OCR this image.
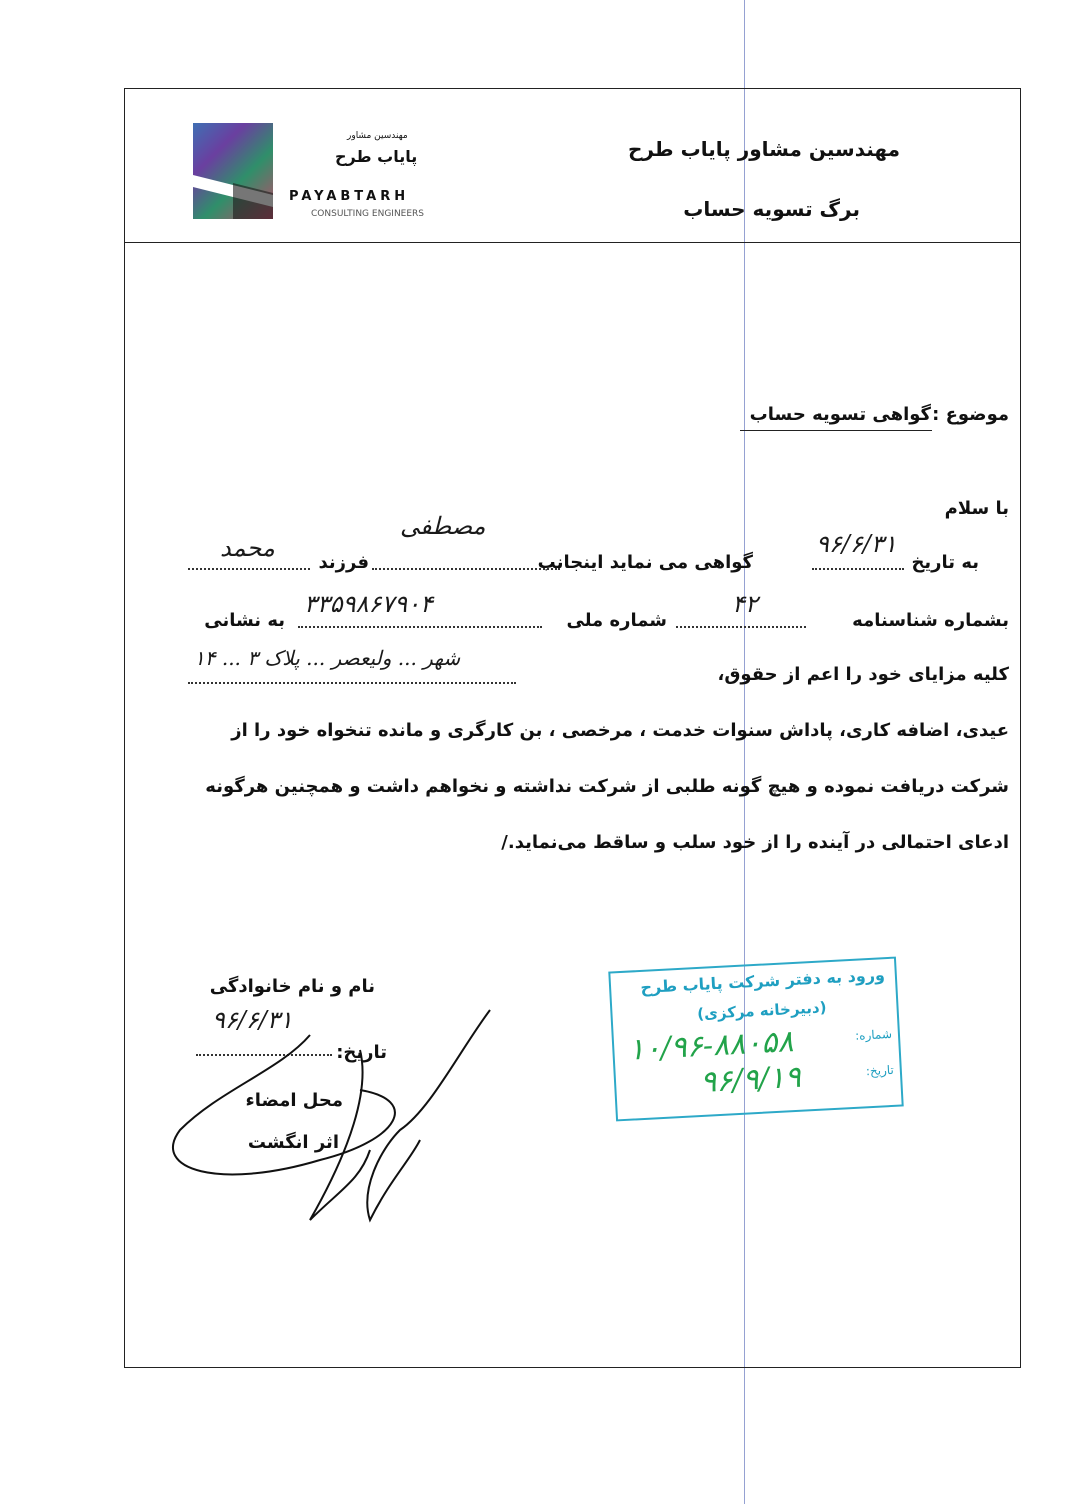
مهندسین مشاور پایاب طرح
برگ تسویه حساب
مهندسین مشاور
پایاب طرح
PAYABTARH
CONSULTING ENGINEERS
موضوع :
گواهی تسویه حساب
با سلام
به تاریخ
۹۶/۶/۳۱
گواهی می نماید اینجانب
مصطفی
فرزند
محمد
بشماره شناسنامه
۴۲
شماره ملی
۳۳۵۹۸۶۷۹۰۴
به نشانی
شهر ... ولیعصر ... پلاک ۳ ... ۱۴
کلیه مزایای خود را اعم از حقوق،
عیدی، اضافه کاری، پاداش سنوات خدمت ، مرخصی ، بن کارگری و مانده تنخواه خود را از
شرکت دریافت نموده و هیچ گونه طلبی از شرکت نداشته و نخواهم داشت و همچنین هرگونه
ادعای احتمالی در آینده را از خود سلب و ساقط می‌نماید./
نام و نام خانوادگی
۹۶/۶/۳۱
تاریخ:
محل امضاء
اثر انگشت
ورود به دفتر شرکت پایاب طرح
(دبیرخانه مرکزی)
شماره:
تاریخ:
۱۰/۹۶-۸۸۰۵۸
۹۶/۹/۱۹
